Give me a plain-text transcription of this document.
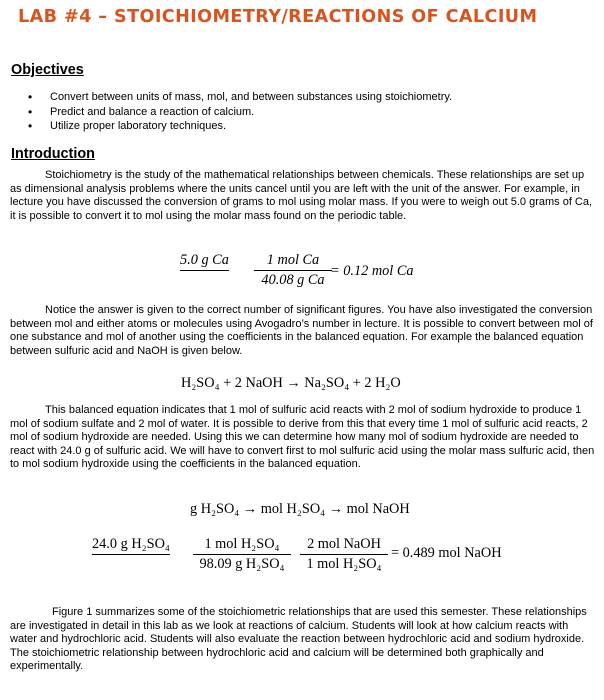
LAB #4 – STOICHIOMETRY/REACTIONS OF CALCIUM
Objectives
• Convert between units of mass, mol, and between substances using stoichiometry.
• Predict and balance a reaction of calcium.
• Utilize proper laboratory techniques.
Introduction
Stoichiometry is the study of the mathematical relationships between chemicals. These relationships are set up as dimensional analysis problems where the units cancel until you are left with the unit of the answer. For example, in lecture you have discussed the conversion of grams to mol using molar mass. If you were to weigh out 5.0 grams of Ca, it is possible to convert it to mol using the molar mass found on the periodic table.
5.0 g Ca	1 mol Ca
40.08 g Ca
= 0.12 mol Ca
Notice the answer is given to the correct number of significant figures. You have also investigated the conversion between mol and either atoms or molecules using Avogadro’s number in lecture. It is possible to convert between mol of one substance and mol of another using the coefficients in the balanced equation. For example the balanced equation between sulfuric acid and NaOH is given below.
H₂SO₄ + 2 NaOH → Na₂SO₄ + 2 H₂O
This balanced equation indicates that 1 mol of sulfuric acid reacts with 2 mol of sodium hydroxide to produce 1 mol of sodium sulfate and 2 mol of water. It is possible to derive from this that every time 1 mol of sulfuric acid reacts, 2 mol of sodium hydroxide are needed. Using this we can determine how many mol of sodium hydroxide are needed to react with 24.0 g of sulfuric acid. We will have to convert first to mol sulfuric acid using the molar mass sulfuric acid, then to mol sodium hydroxide using the coefficients in the balanced equation.
g H₂SO₄ → mol H₂SO₄ → mol NaOH
24.0 g H₂SO₄	1 mol H₂SO₄
98.09 g H₂SO₄
2 mol NaOH
1 mol H₂SO₄
= 0.489 mol NaOH
Figure 1 summarizes some of the stoichiometric relationships that are used this semester. These relationships are investigated in detail in this lab as we look at reactions of calcium. Students will look at how calcium reacts with water and hydrochloric acid. Students will also evaluate the reaction between hydrochloric acid and sodium hydroxide. The stoichiometric relationship between hydrochloric acid and calcium will be determined both graphically and experimentally.
